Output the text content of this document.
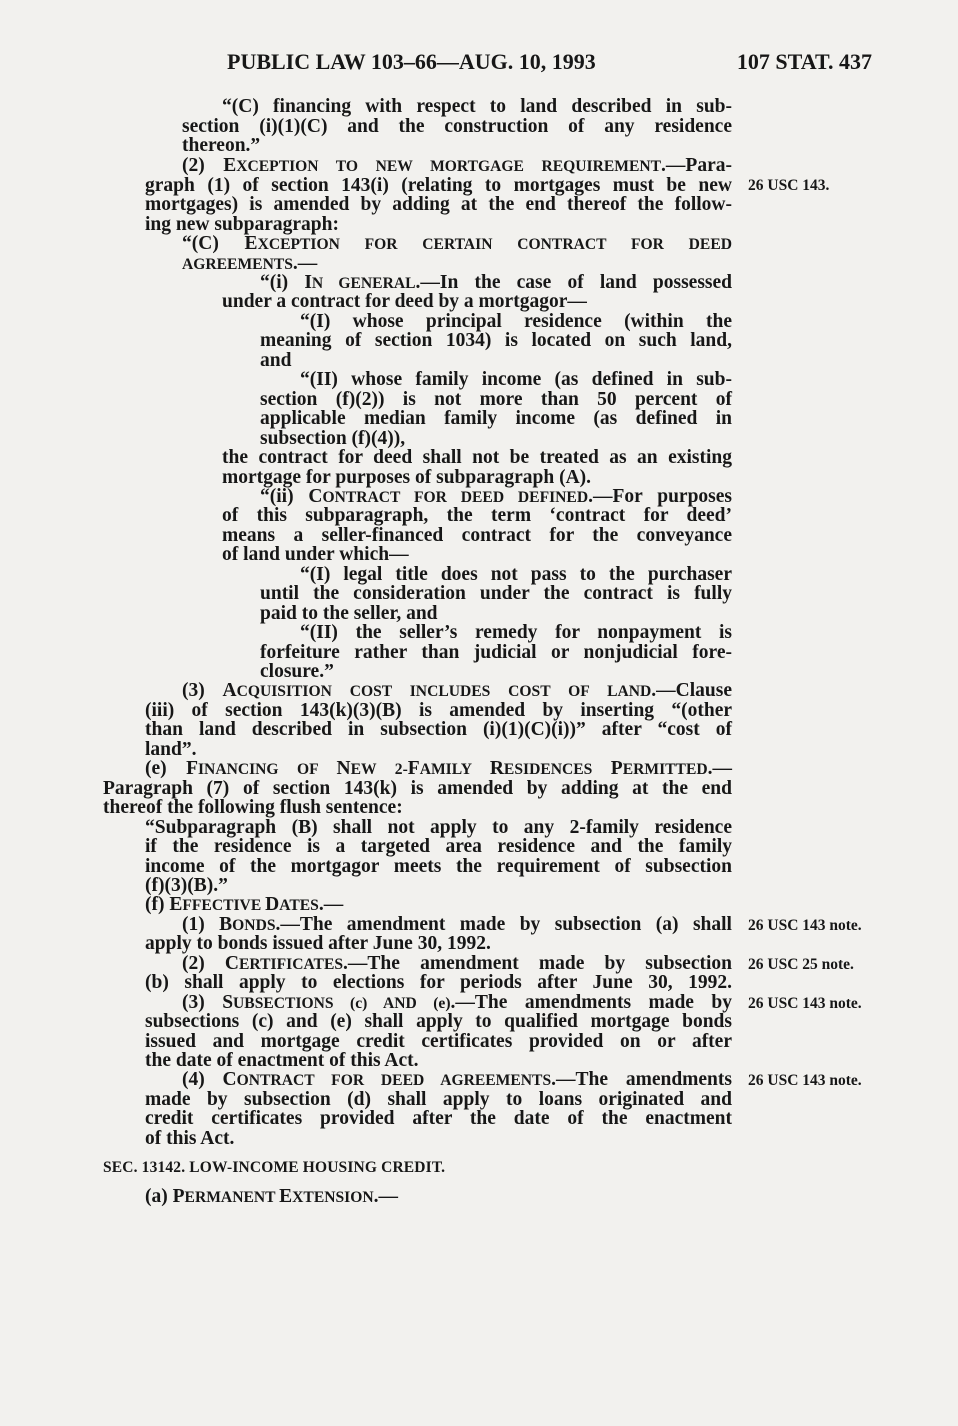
PUBLIC LAW 103–66—AUG. 10, 1993	107 STAT. 437
26 USC 143.
26 USC 143 note.
26 USC 25 note.
26 USC 143 note.
26 USC 143 note.
“(C) financing with respect to land described in sub-
section (i)(1)(C) and the construction of any residence
thereon.”
(2) EXCEPTION TO NEW MORTGAGE REQUIREMENT.—Para-
graph (1) of section 143(i) (relating to mortgages must be new
mortgages) is amended by adding at the end thereof the follow-
ing new subparagraph:
“(C) EXCEPTION FOR CERTAIN CONTRACT FOR DEED
AGREEMENTS.—
“(i) IN GENERAL.—In the case of land possessed
under a contract for deed by a mortgagor—
“(I) whose principal residence (within the
meaning of section 1034) is located on such land,
and
“(II) whose family income (as defined in sub-
section (f)(2)) is not more than 50 percent of
applicable median family income (as defined in
subsection (f)(4)),
the contract for deed shall not be treated as an existing
mortgage for purposes of subparagraph (A).
“(ii) CONTRACT FOR DEED DEFINED.—For purposes
of this subparagraph, the term ‘contract for deed’
means a seller-financed contract for the conveyance
of land under which—
“(I) legal title does not pass to the purchaser
until the consideration under the contract is fully
paid to the seller, and
“(II) the seller’s remedy for nonpayment is
forfeiture rather than judicial or nonjudicial fore-
closure.”
(3) ACQUISITION COST INCLUDES COST OF LAND.—Clause
(iii) of section 143(k)(3)(B) is amended by inserting “(other
than land described in subsection (i)(1)(C)(i))” after “cost of
land”.
(e) FINANCING OF NEW 2-FAMILY RESIDENCES PERMITTED.—
Paragraph (7) of section 143(k) is amended by adding at the end
thereof the following flush sentence:
“Subparagraph (B) shall not apply to any 2-family residence
if the residence is a targeted area residence and the family
income of the mortgagor meets the requirement of subsection
(f)(3)(B).”
(f) EFFECTIVE DATES.—
(1) BONDS.—The amendment made by subsection (a) shall
apply to bonds issued after June 30, 1992.
(2) CERTIFICATES.—The amendment made by subsection
(b) shall apply to elections for periods after June 30, 1992.
(3) SUBSECTIONS (c) AND (e).—The amendments made by
subsections (c) and (e) shall apply to qualified mortgage bonds
issued and mortgage credit certificates provided on or after
the date of enactment of this Act.
(4) CONTRACT FOR DEED AGREEMENTS.—The amendments
made by subsection (d) shall apply to loans originated and
credit certificates provided after the date of the enactment
of this Act.
SEC. 13142. LOW-INCOME HOUSING CREDIT.
(a) PERMANENT EXTENSION.—
